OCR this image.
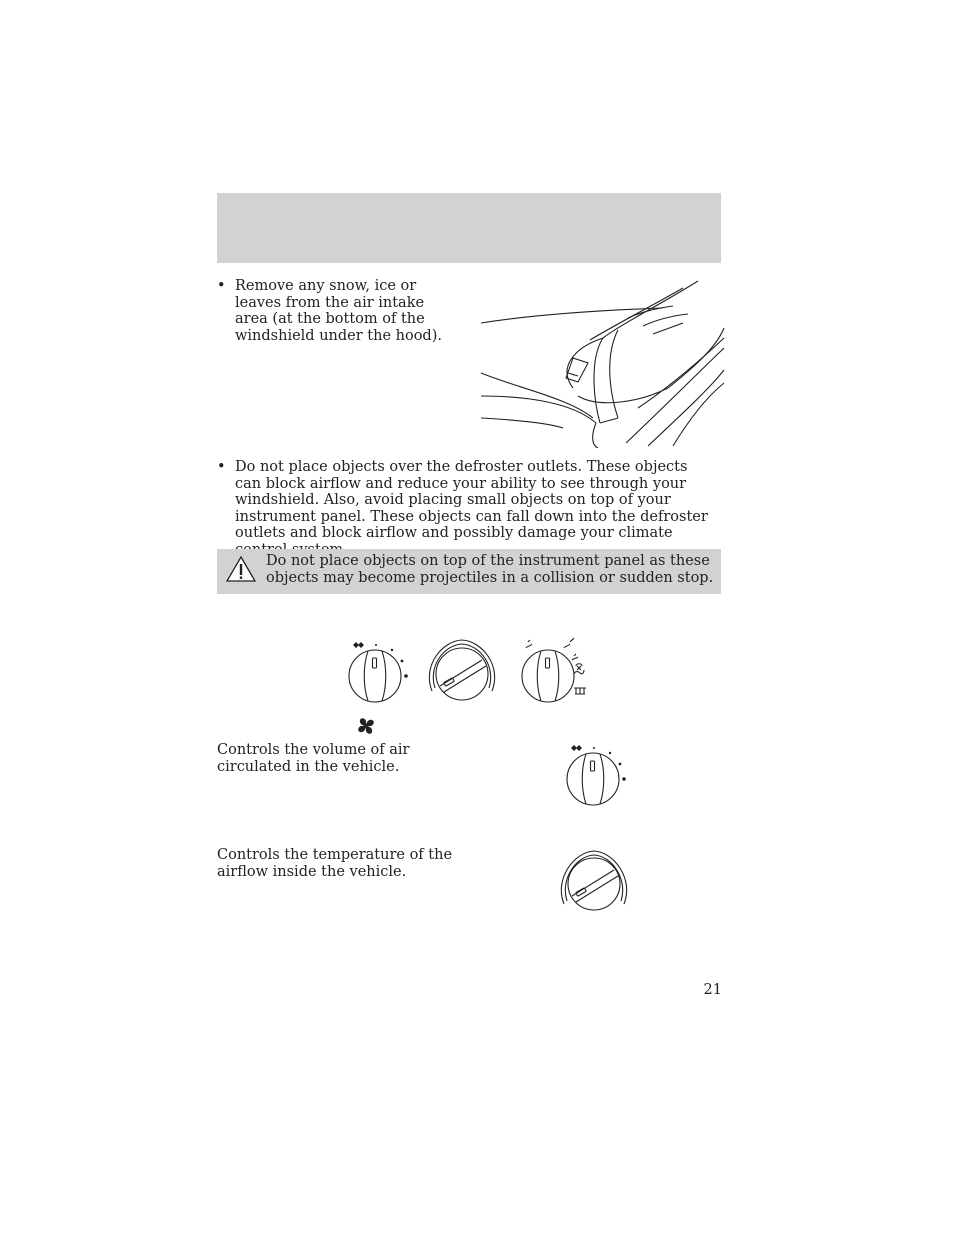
• Remove any snow, ice or leaves from the air intake area (at the bottom of the windshield under the hood).
• Do not place objects over the defroster outlets. These objects can block airflow and reduce your ability to see through your windshield. Also, avoid placing small objects on top of your instrument panel. These objects can fall down into the defroster outlets and block airflow and possibly damage your climate
Do not place objects on top of the instrument panel as these objects may become projectiles in a collision or sudden stop.
Controls the volume of air circulated in the vehicle.
Controls the temperature of the airflow inside the vehicle.
21
